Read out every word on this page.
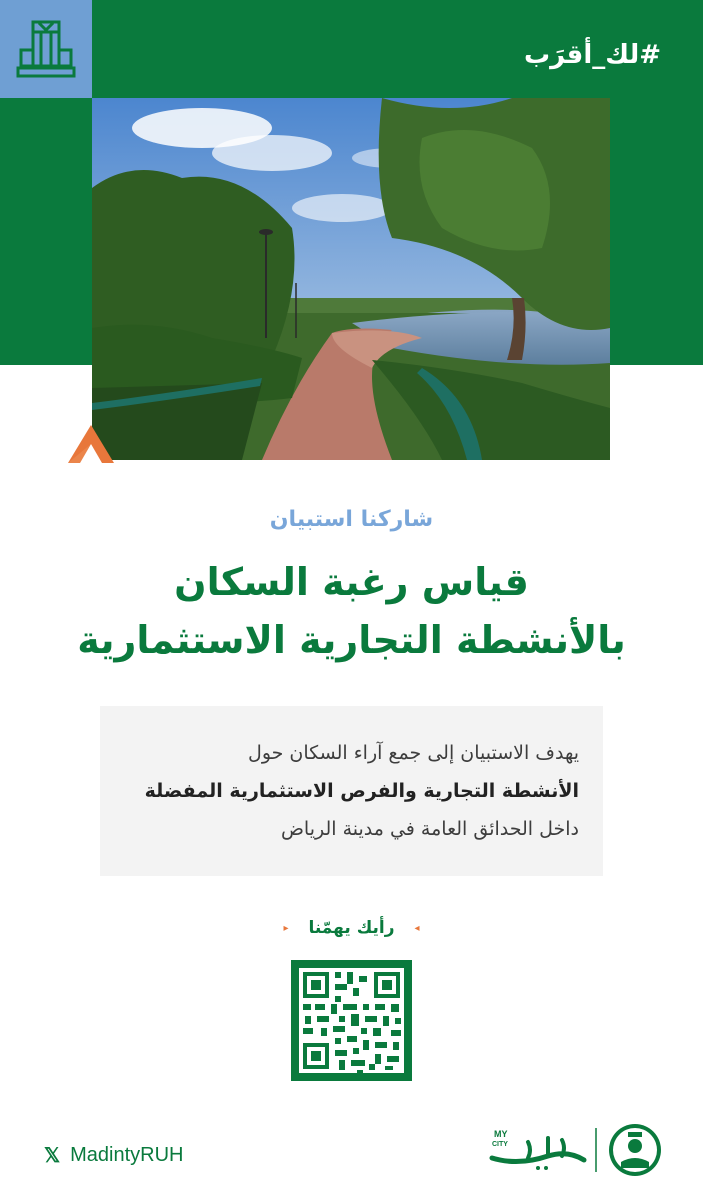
#لك_أقرَب
شاركنا استبيان
قياس رغبة السكان
بالأنشطة التجارية الاستثمارية
يهدف الاستبيان إلى جمع آراء السكان حول
الأنشطة التجارية والفرص الاستثمارية المفضلة
داخل الحدائق العامة في مدينة الرياض
◂ رأيك يهمّنا ▸
𝕏 MadintyRUH
MY
CITY
